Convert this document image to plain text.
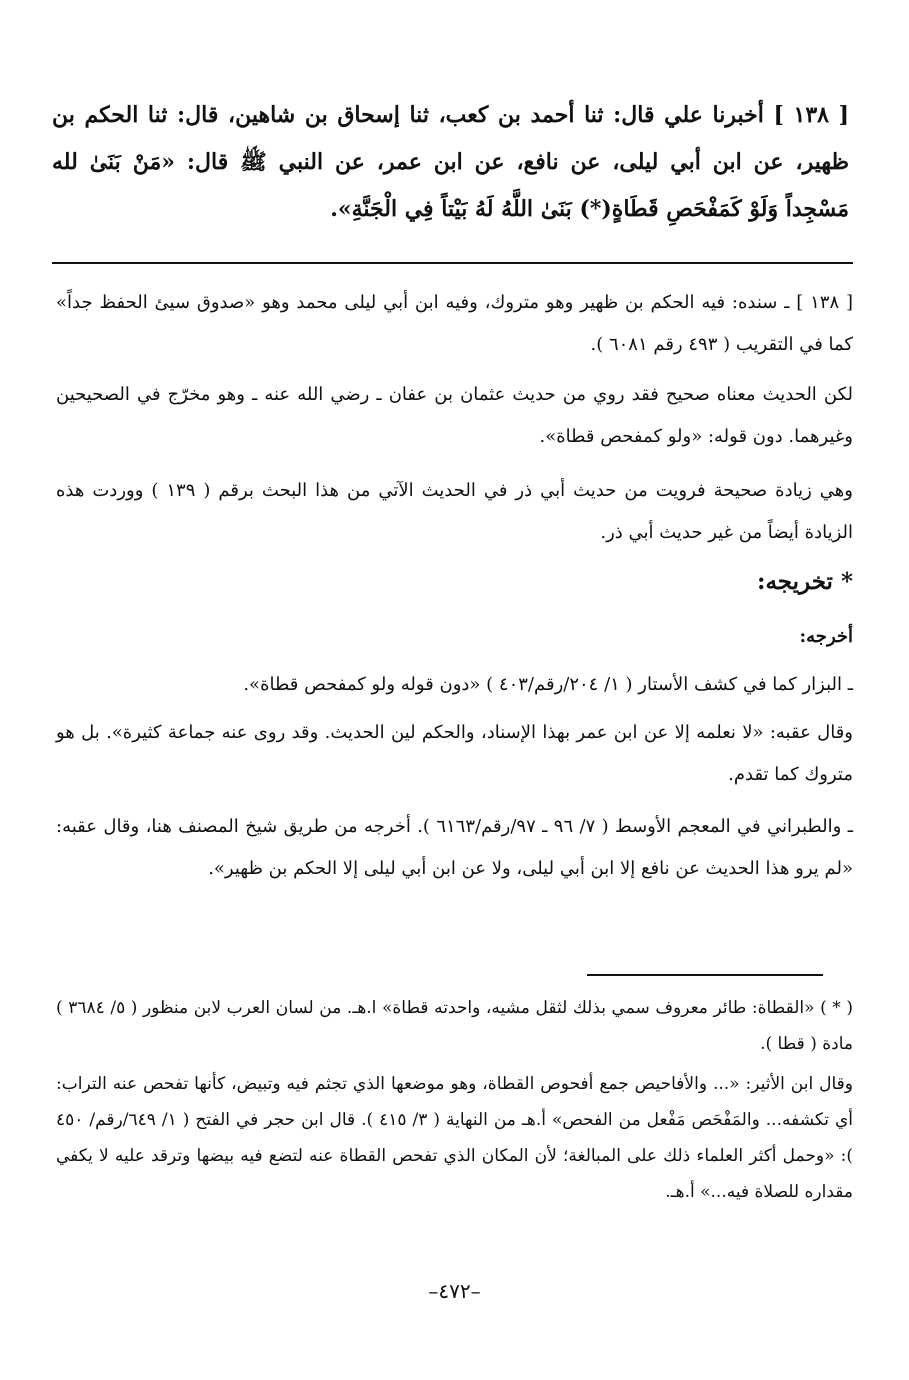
[ ١٣٨ ] أخبرنا علي قال: ثنا أحمد بن كعب، ثنا إسحاق بن شاهين، قال: ثنا الحكم بن ظهير، عن ابن أبي ليلى، عن نافع، عن ابن عمر، عن النبي ﷺ قال: «مَنْ بَنَىٰ لله مَسْجِداً وَلَوْ كَمَفْحَصِ قَطَاةٍ(*) بَنَىٰ اللَّهُ لَهُ بَيْتاً فِي الْجَنَّةِ».

[ ١٣٨ ] ـ سنده: فيه الحكم بن ظهير وهو متروك، وفيه ابن أبي ليلى محمد وهو «صدوق سيئ الحفظ جداً» كما في التقريب ( ٤٩٣ رقم ٦٠٨١ ).

لكن الحديث معناه صحيح فقد روي من حديث عثمان بن عفان ـ رضي الله عنه ـ وهو مخرّج في الصحيحين وغيرهما. دون قوله: «ولو كمفحص قطاة».

وهي زيادة صحيحة فرويت من حديث أبي ذر في الحديث الآتي من هذا البحث برقم ( ١٣٩ ) ووردت هذه الزيادة أيضاً من غير حديث أبي ذر.

* تخريجه:

أخرجه:

ـ البزار كما في كشف الأستار ( ١/ ٢٠٤/رقم/٤٠٣ ) «دون قوله ولو كمفحص قطاة».

وقال عقبه: «لا نعلمه إلا عن ابن عمر بهذا الإسناد، والحكم لين الحديث. وقد روى عنه جماعة كثيرة». بل هو متروك كما تقدم.

ـ والطبراني في المعجم الأوسط ( ٧/ ٩٦ ـ ٩٧/رقم/٦١٦٣ ). أخرجه من طريق شيخ المصنف هنا، وقال عقبه: «لم يرو هذا الحديث عن نافع إلا ابن أبي ليلى، ولا عن ابن أبي ليلى إلا الحكم بن ظهير».

( * ) «القطاة: طائر معروف سمي بذلك لثقل مشيه، واحدته قطاة» ا.هـ. من لسان العرب لابن منظور ( ٥/ ٣٦٨٤ ) مادة ( قطا ).

وقال ابن الأثير: «... والأفاحيص جمع أفحوص القطاة، وهو موضعها الذي تجثم فيه وتبيض، كأنها تفحص عنه التراب: أي تكشفه... والمَفْحَص مَفْعل من الفحص» أ.هـ من النهاية ( ٣/ ٤١٥ ). قال ابن حجر في الفتح ( ١/ ٦٤٩/رقم/ ٤٥٠ ): «وحمل أكثر العلماء ذلك على المبالغة؛ لأن المكان الذي تفحص القطاة عنه لتضع فيه بيضها وترقد عليه لا يكفي مقداره للصلاة فيه...» أ.هـ.

–٤٧٢–
